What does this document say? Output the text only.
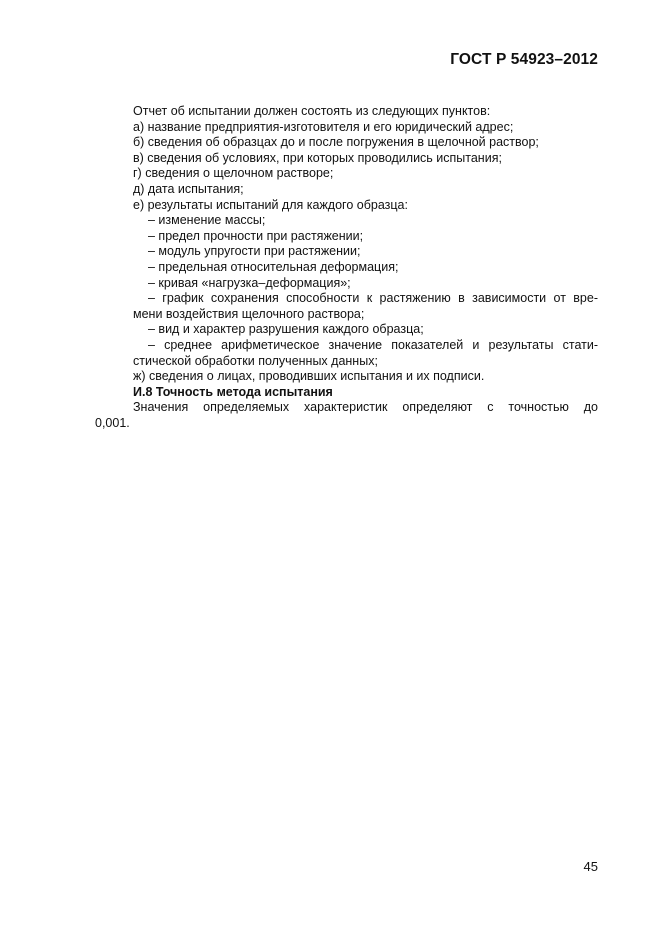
ГОСТ Р 54923–2012
Отчет об испытании должен состоять из следующих пунктов:
а) название предприятия-изготовителя и его юридический адрес;
б) сведения об образцах до и после погружения в щелочной раствор;
в) сведения об условиях, при которых проводились испытания;
г) сведения о щелочном растворе;
д) дата испытания;
е) результаты испытаний для каждого образца:
– изменение массы;
– предел прочности при растяжении;
– модуль упругости при растяжении;
– предельная относительная деформация;
– кривая «нагрузка–деформация»;
– график сохранения способности к растяжению в зависимости от вре-
мени воздействия щелочного раствора;
– вид и характер разрушения каждого образца;
– среднее арифметическое значение показателей и результаты стати-
стической обработки полученных данных;
ж) сведения о лицах, проводивших испытания и их подписи.
И.8 Точность метода испытания
Значения определяемых характеристик определяют с точностью до
0,001.
45
